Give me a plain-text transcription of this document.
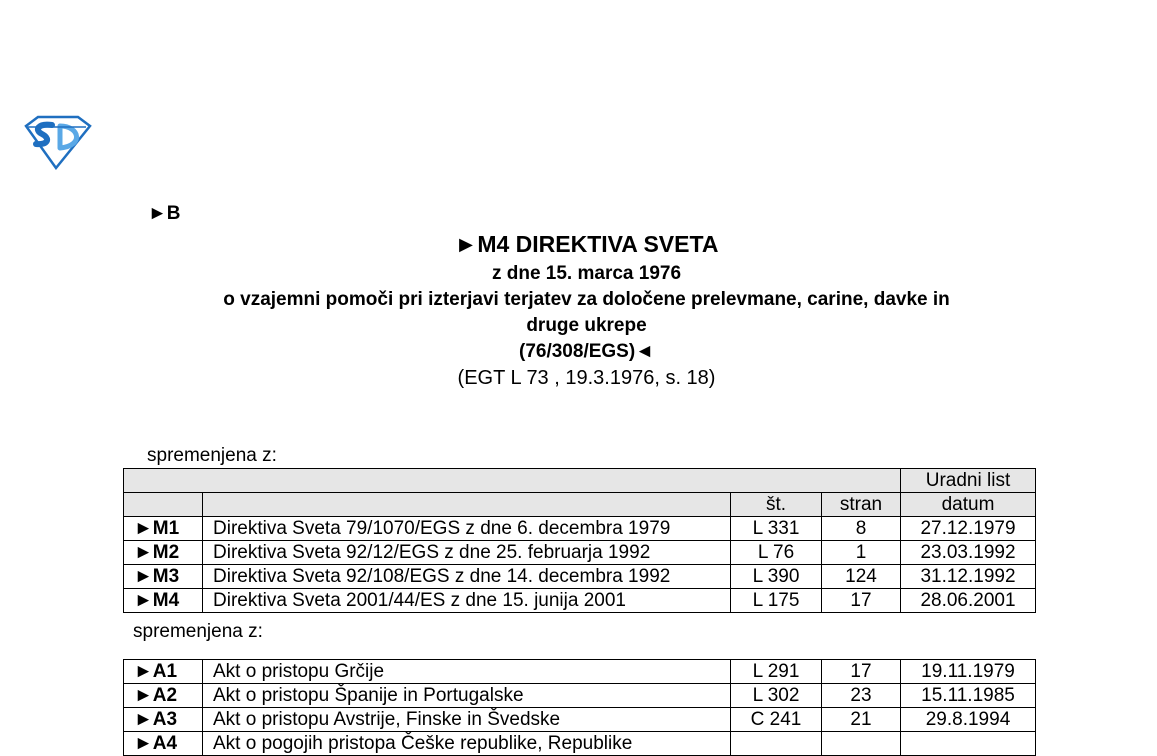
►B
►M4 DIREKTIVA SVETA
z dne 15. marca 1976
o vzajemni pomoči pri izterjavi terjatev za določene prelevmane, carine, davke in
druge ukrepe
(76/308/EGS)◄
(EGT L 73 , 19.3.1976, s. 18)
spremenjena z:
				Uradni list
		št.	stran	datum
►M1	Direktiva Sveta 79/1070/EGS z dne 6. decembra 1979	L 331	8	27.12.1979
►M2	Direktiva Sveta 92/12/EGS z dne 25. februarja 1992	L 76	1	23.03.1992
►M3	Direktiva Sveta 92/108/EGS z dne 14. decembra 1992	L 390	124	31.12.1992
►M4	Direktiva Sveta 2001/44/ES z dne 15. junija 2001	L 175	17	28.06.2001
spremenjena z:
►A1	Akt o pristopu Grčije	L 291	17	19.11.1979
►A2	Akt o pristopu Španije in Portugalske	L 302	23	15.11.1985
►A3	Akt o pristopu Avstrije, Finske in Švedske	C 241	21	29.8.1994
►A4	Akt o pogojih pristopa Češke republike, Republike			
